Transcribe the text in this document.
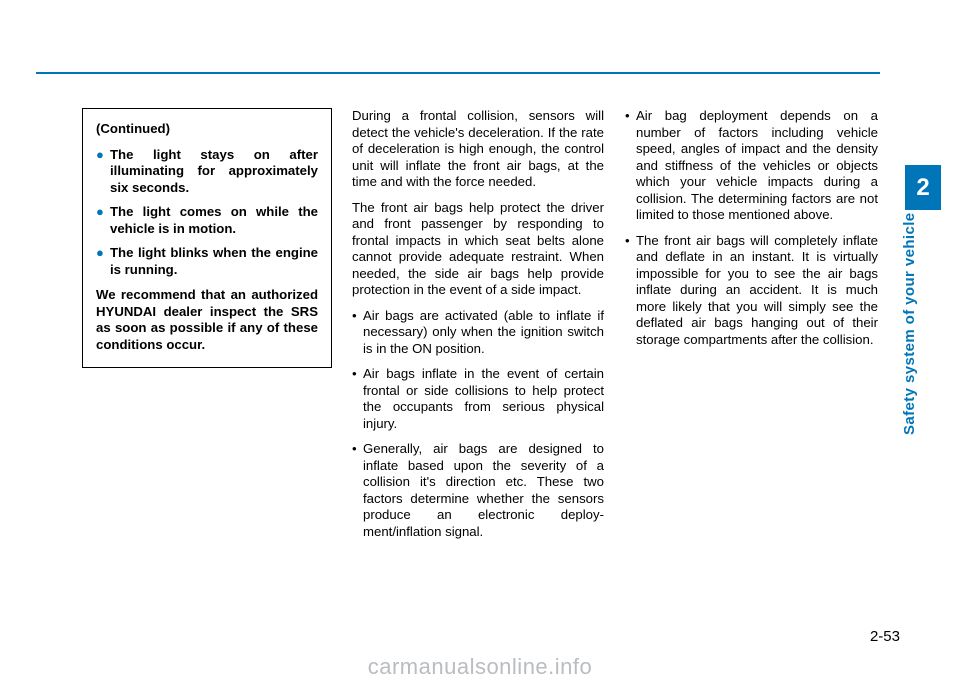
2
Safety system of your vehicle
(Continued)
● The light stays on after illuminating for approximately six seconds.
● The light comes on while the vehicle is in motion.
● The light blinks when the engine is running.
We recommend that an authorized HYUNDAI dealer inspect the SRS as soon as possible if any of these conditions occur.

During a frontal collision, sensors will detect the vehicle's deceleration. If the rate of deceleration is high enough, the control unit will inflate the front air bags, at the time and with the force needed.

The front air bags help protect the driver and front passenger by responding to frontal impacts in which seat belts alone cannot provide adequate restraint. When needed, the side air bags help provide protection in the event of a side impact.

• Air bags are activated (able to inflate if necessary) only when the ignition switch is in the ON position.
• Air bags inflate in the event of certain frontal or side collisions to help protect the occupants from serious physical injury.
• Generally, air bags are designed to inflate based upon the severity of a collision it's direction etc. These two factors determine whether the sensors produce an electronic deploy-ment/inflation signal.
• Air bag deployment depends on a number of factors including vehicle speed, angles of impact and the density and stiffness of the vehicles or objects which your vehicle impacts during a collision. The determining factors are not limited to those mentioned above.
• The front air bags will completely inflate and deflate in an instant. It is virtually impossible for you to see the air bags inflate during an accident. It is much more likely that you will simply see the deflated air bags hanging out of their storage compartments after the collision.
2-53
carmanualsonline.info
